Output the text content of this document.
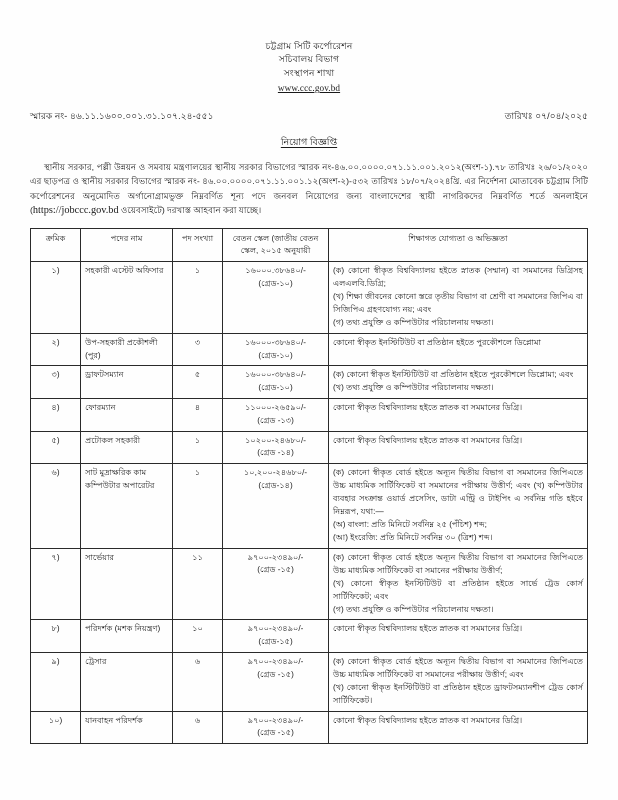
চট্টগ্রাম সিটি কর্পোরেশন
সচিবালয় বিভাগ
সংস্থাপন শাখা
www.ccc.gov.bd
স্মারক নং- ৪৬.১১.১৬০০.০০১.৩১.১০৭.২৪-৫৫১	তারিখঃ ০৭/০৪/২০২৫
নিয়োগ বিজ্ঞপ্তি

স্থানীয় সরকার, পল্লী উন্নয়ন ও সমবায় মন্ত্রণালয়ের স্থানীয় সরকার বিভাগের স্মারক নং-৪৬.০০.০০০০.০৭১.১১.০০১.২০১২(অংশ-১).৭৮ তারিখঃ ২৬/০১/২০২০ এর ছাড়পত্র ও স্থানীয় সরকার বিভাগের স্মারক নং- ৪৬.০০.০০০০.০৭১.১১.০০১.১২(অংশ-২)-৫৩২ তারিখঃ ১৮/০৭/২০২৪খ্রি. এর নির্দেশনা মোতাবেক চট্টগ্রাম সিটি কর্পোরেশনের অনুমোদিত অর্গানোগ্রামভুক্ত নিম্নবর্ণিত শূন্য পদে জনবল নিয়োগের জন্য বাংলাদেশের স্থায়ী নাগরিকদের নিম্নবর্ণিত শর্তে অনলাইনে (https://jobccc.gov.bd ওয়েবসাইটে) দরখাস্ত আহবান করা যাচ্ছে।

ক্রমিক	পদের নাম	পদ সংখ্যা	বেতন স্কেল (জাতীয় বেতন স্কেল, ২০১৫ অনুযায়ী	শিক্ষাগত যোগ্যতা ও অভিজ্ঞতা
১)	সহকারী এস্টেট অফিসার	১	১৬০০০.৩৮৬৪০/-
(গ্রেড-১০)	

(ক) কোনো স্বীকৃত বিশ্ববিদ্যালয় হইতে স্নাতক (সম্মান) বা সমমানের ডিগ্রিসহ এলএলবি.ডিগ্রি;

(খ) শিক্ষা জীবনের কোনো স্তরে তৃতীয় বিভাগ বা শ্রেণী বা সমমানের জিপিএ বা সিজিপিএ গ্রহণযোগ্য নয়; এবং

(গ) তথ্য প্রযুক্তি ও কম্পিউটার পরিচালনায় দক্ষতা।

২)	উপ-সহকারী প্রকৌশলী (পুর)	৩	১৬০০০-৩৮৬৪০/-
(গ্রেড-১০)	কোনো স্বীকৃত ইনস্টিটিউট বা প্রতিষ্ঠান হইতে পুরকৌশলে ডিপ্লোমা

৩)	ড্রাফটসম্যান	৫	১৬০০০-৩৮৬৪০/-
(গ্রেড-১০)	

(ক) কোনো স্বীকৃত ইনস্টিটিউট বা প্রতিষ্ঠান হইতে পুরকৌশলে ডিপ্লোমা; এবং

(খ) তথ্য প্রযুক্তি ও কম্পিউটার পরিচালনায় দক্ষতা।

৪)	ফোরম্যান	৪	১১০০০-২৬৫৯০/-
(গ্রেড -১৩)	কোনো স্বীকৃত বিশ্ববিদ্যালয় হইতে স্নাতক বা সমমানের ডিগ্রি।

৫)	প্রটোকল সহকারী	১	১০২০০-২৪৬৮০/-
(গ্রেড -১৪)	কোনো স্বীকৃত বিশ্ববিদ্যালয় হইতে স্নাতক বা সমমানের ডিগ্রি।

৬)	সাট মুদ্রাক্ষরিক কাম কম্পিউটার অপারেটর	১	১০,২০০-২৪৬৮০/-
(গ্রেড-১৪)	

(ক) কোনো স্বীকৃত বোর্ড হইতে অন্যূন দ্বিতীয় বিভাগ বা সমমানের জিপিএতে উচ্চ মাধ্যমিক সার্টিফিকেট বা সমমানের পরীক্ষায় উত্তীর্ণ; এবং (খ) কম্পিউটার ব্যবহার সংক্রান্ত ওয়ার্ড প্রসেসিং, ডাটা এন্ট্রি ও টাইপিং এ সর্বনিম্ন গতি হইবে নিম্নরূপ, যথা:—

(অ) বাংলা: প্রতি মিনিটে সর্বনিম্ন ২৫ (পঁচিশ) শব্দ;

(আ) ইংরেজি: প্রতি মিনিটে সর্বনিম্ন ৩০ (ত্রিশ) শব্দ।

৭)	সার্ভেয়ার	১১	৯৭০০-২৩৪৯০/-
(গ্রেড -১৫)	

(ক) কোনো স্বীকৃত বোর্ড হইতে অন্যূন দ্বিতীয় বিভাগ বা সমমানের জিপিএতে উচ্চ মাধ্যমিক সার্টিফিকেট বা সমানের পরীক্ষায় উত্তীর্ণ;

(খ) কোনো স্বীকৃত ইনস্টিটিউট বা প্রতিষ্ঠান হইতে সার্ভে ট্রেড কোর্স সার্টিফিকেট; এবং

(গ) তথ্য প্রযুক্তি ও কম্পিউটার পরিচালনায় দক্ষতা।

৮)	পরিদর্শক (মশক নিয়ন্ত্রণ)	১০	৯৭০০-২৩৪৯০/-
(গ্রেড-১৫)	কোনো স্বীকৃত বিশ্ববিদ্যালয় হইতে স্নাতক বা সমমানের ডিগ্রি।

৯)	ট্রেসার	৬	৯৭০০-২৩৪৯০/-
(গ্রেড -১৫)	

(ক) কোনো স্বীকৃত বোর্ড হইতে অন্যূন দ্বিতীয় বিভাগ বা সমমানের জিপিএতে উচ্চ মাধ্যমিক সার্টিফিকেট বা সমমানের পরীক্ষায় উত্তীর্ণ; এবং

(খ) কোনো স্বীকৃত ইনস্টিটিউট বা প্রতিষ্ঠান হইতে ড্রাফটসম্যানশীপ ট্রেড কোর্স সার্টিফিকেট।

১০)	যানবাহন পরিদর্শক	৬	৯৭০০-২৩৪৯০/-
(গ্রেড -১৫)	কোনো স্বীকৃত বিশ্ববিদ্যালয় হইতে স্নাতক বা সমমানের ডিগ্রি।
